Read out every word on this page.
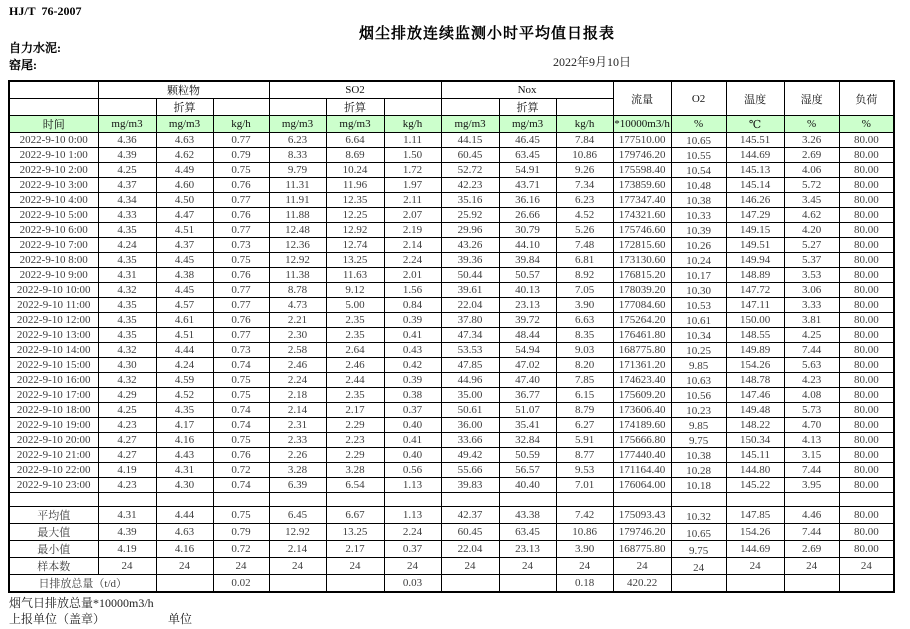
HJ/T  76-2007
烟尘排放连续监测小时平均值日报表
自力水泥:
窑尾:	2022年9月10日
	颗粒物			SO2			Nox			流量	O2	温度	湿度	负荷
		折算			折算			折算						
时间	mg/m3	mg/m3	kg/h	mg/m3	mg/m3	kg/h	mg/m3	mg/m3	kg/h	*10000m3/h	%	℃	%	%
2022-9-10 0:00	4.36	4.63	0.77	6.23	6.64	1.11	44.15	46.45	7.84	177510.00	10.65	145.51	3.26	80.00
2022-9-10 1:00	4.39	4.62	0.79	8.33	8.69	1.50	60.45	63.45	10.86	179746.20	10.55	144.69	2.69	80.00
2022-9-10 2:00	4.25	4.49	0.75	9.79	10.24	1.72	52.72	54.91	9.26	175598.40	10.54	145.13	4.06	80.00
2022-9-10 3:00	4.37	4.60	0.76	11.31	11.96	1.97	42.23	43.71	7.34	173859.60	10.48	145.14	5.72	80.00
2022-9-10 4:00	4.34	4.50	0.77	11.91	12.35	2.11	35.16	36.16	6.23	177347.40	10.38	146.26	3.45	80.00
2022-9-10 5:00	4.33	4.47	0.76	11.88	12.25	2.07	25.92	26.66	4.52	174321.60	10.33	147.29	4.62	80.00
2022-9-10 6:00	4.35	4.51	0.77	12.48	12.92	2.19	29.96	30.79	5.26	175746.60	10.39	149.15	4.20	80.00
2022-9-10 7:00	4.24	4.37	0.73	12.36	12.74	2.14	43.26	44.10	7.48	172815.60	10.26	149.51	5.27	80.00
2022-9-10 8:00	4.35	4.45	0.75	12.92	13.25	2.24	39.36	39.84	6.81	173130.60	10.24	149.94	5.37	80.00
2022-9-10 9:00	4.31	4.38	0.76	11.38	11.63	2.01	50.44	50.57	8.92	176815.20	10.17	148.89	3.53	80.00
2022-9-10 10:00	4.32	4.45	0.77	8.78	9.12	1.56	39.61	40.13	7.05	178039.20	10.30	147.72	3.06	80.00
2022-9-10 11:00	4.35	4.57	0.77	4.73	5.00	0.84	22.04	23.13	3.90	177084.60	10.53	147.11	3.33	80.00
2022-9-10 12:00	4.35	4.61	0.76	2.21	2.35	0.39	37.80	39.72	6.63	175264.20	10.61	150.00	3.81	80.00
2022-9-10 13:00	4.35	4.51	0.77	2.30	2.35	0.41	47.34	48.44	8.35	176461.80	10.34	148.55	4.25	80.00
2022-9-10 14:00	4.32	4.44	0.73	2.58	2.64	0.43	53.53	54.94	9.03	168775.80	10.25	149.89	7.44	80.00
2022-9-10 15:00	4.30	4.24	0.74	2.46	2.46	0.42	47.85	47.02	8.20	171361.20	9.85	154.26	5.63	80.00
2022-9-10 16:00	4.32	4.59	0.75	2.24	2.44	0.39	44.96	47.40	7.85	174623.40	10.63	148.78	4.23	80.00
2022-9-10 17:00	4.29	4.52	0.75	2.18	2.35	0.38	35.00	36.77	6.15	175609.20	10.56	147.46	4.08	80.00
2022-9-10 18:00	4.25	4.35	0.74	2.14	2.17	0.37	50.61	51.07	8.79	173606.40	10.23	149.48	5.73	80.00
2022-9-10 19:00	4.23	4.17	0.74	2.31	2.29	0.40	36.00	35.41	6.27	174189.60	9.85	148.22	4.70	80.00
2022-9-10 20:00	4.27	4.16	0.75	2.33	2.23	0.41	33.66	32.84	5.91	175666.80	9.75	150.34	4.13	80.00
2022-9-10 21:00	4.27	4.43	0.76	2.26	2.29	0.40	49.42	50.59	8.77	177440.40	10.38	145.11	3.15	80.00
2022-9-10 22:00	4.19	4.31	0.72	3.28	3.28	0.56	55.66	56.57	9.53	171164.40	10.28	144.80	7.44	80.00
2022-9-10 23:00	4.23	4.30	0.74	6.39	6.54	1.13	39.83	40.40	7.01	176064.00	10.18	145.22	3.95	80.00

平均值	4.31	4.44	0.75	6.45	6.67	1.13	42.37	43.38	7.42	175093.43	10.32	147.85	4.46	80.00
最大值	4.39	4.63	0.79	12.92	13.25	2.24	60.45	63.45	10.86	179746.20	10.65	154.26	7.44	80.00
最小值	4.19	4.16	0.72	2.14	2.17	0.37	22.04	23.13	3.90	168775.80	9.75	144.69	2.69	80.00
样本数	24	24	24	24	24	24	24	24	24	24	24	24	24	24
日排放总量（t/d）			0.02			0.03			0.18	420.22				
烟气日排放总量*10000m3/h
上报单位（盖章）	单位
